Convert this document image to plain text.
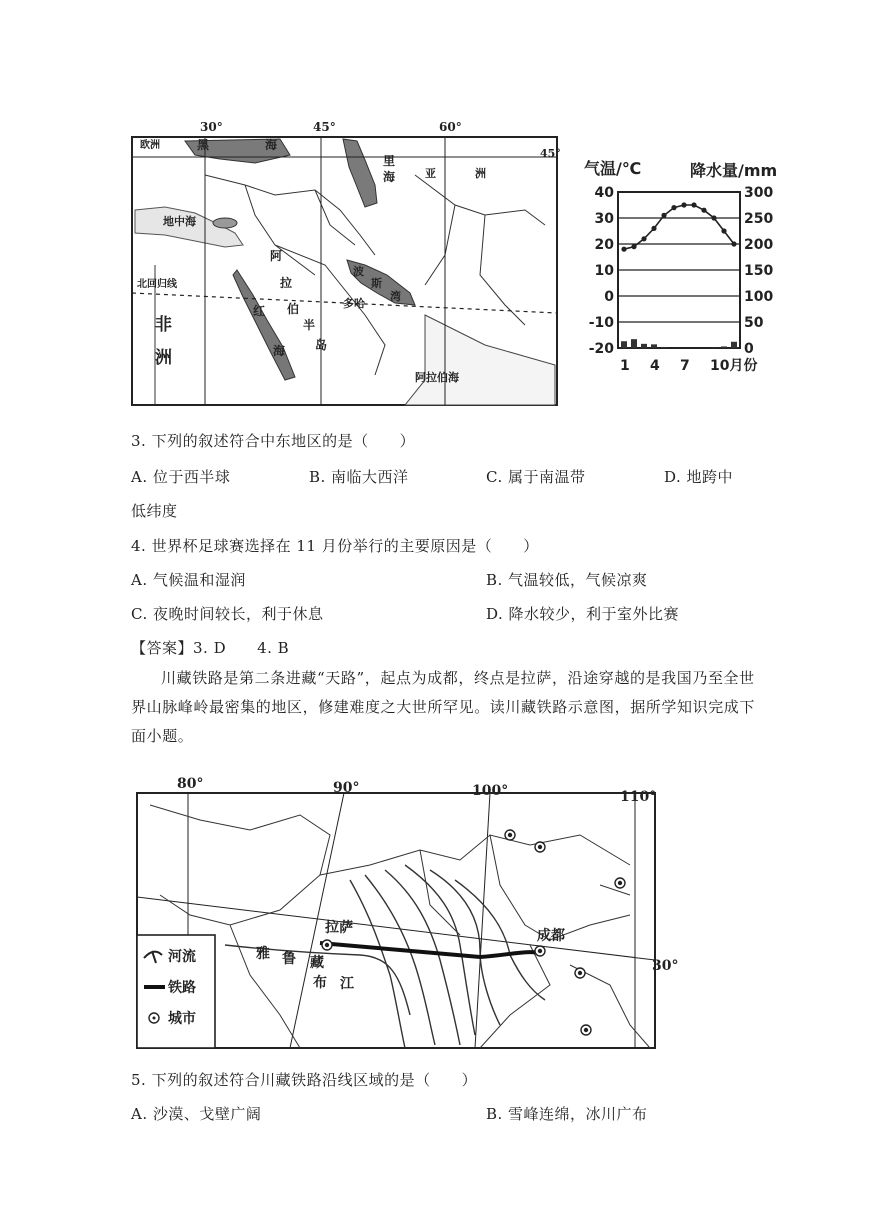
30°	45°	60°
45°
欧洲	黑	海
里
海	亚	洲
地中海
阿
拉
伯
半
岛
北回归线
非
洲
红
海
波
斯
湾
多哈
阿拉伯海
气温/℃	降水量/mm
40
30
20
10
0
-10
-20
300
250
200
150
100
50
0
1 4 7 10月份
3. 下列的叙述符合中东地区的是（　　）
A. 位于西半球	B. 南临大西洋	C. 属于南温带	D. 地跨中
低纬度
4. 世界杯足球赛选择在 11 月份举行的主要原因是（　　）
A. 气候温和湿润	B. 气温较低，气候凉爽
C. 夜晚时间较长，利于休息	D. 降水较少，利于室外比赛
【答案】3. D　　4. B
川藏铁路是第二条进藏“天路”，起点为成都，终点是拉萨，沿途穿越的是我国乃至全世界山脉峰岭最密集的地区，修建难度之大世所罕见。读川藏铁路示意图，据所学知识完成下面小题。
80°	90°	100°	110°
30°
拉萨	成都
雅 鲁 藏
布 江
河流
铁路
城市
5. 下列的叙述符合川藏铁路沿线区域的是（　　）
A. 沙漠、戈壁广阔	B. 雪峰连绵，冰川广布
